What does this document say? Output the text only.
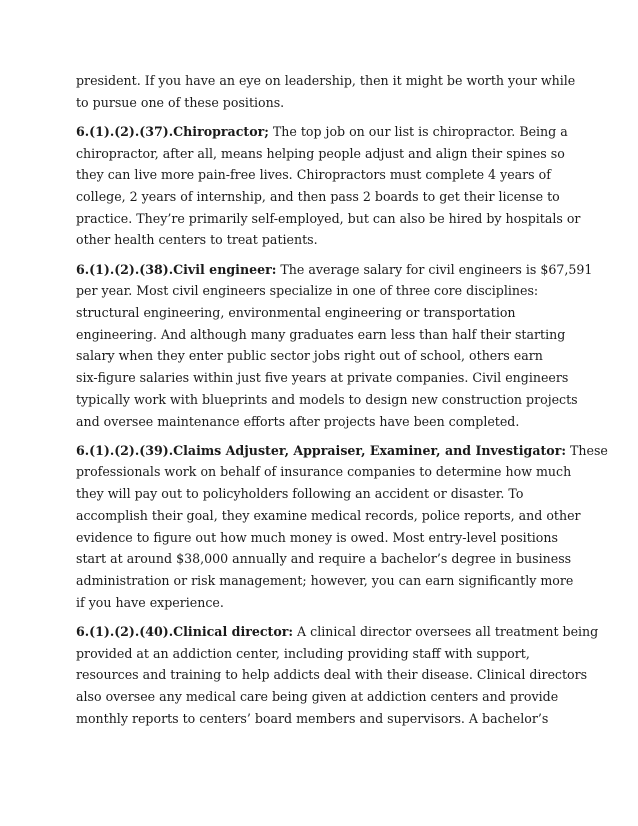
president. If you have an eye on leadership, then it might be worth your while
to pursue one of these positions.

6.(1).(2).(37).Chiropractor; The top job on our list is chiropractor. Being a
chiropractor, after all, means helping people adjust and align their spines so
they can live more pain-free lives. Chiropractors must complete 4 years of
college, 2 years of internship, and then pass 2 boards to get their license to
practice. They’re primarily self-employed, but can also be hired by hospitals or
other health centers to treat patients.

6.(1).(2).(38).Civil engineer: The average salary for civil engineers is $67,591
per year. Most civil engineers specialize in one of three core disciplines:
structural engineering, environmental engineering or transportation
engineering. And although many graduates earn less than half their starting
salary when they enter public sector jobs right out of school, others earn
six-figure salaries within just five years at private companies. Civil engineers
typically work with blueprints and models to design new construction projects
and oversee maintenance efforts after projects have been completed.

6.(1).(2).(39).Claims Adjuster, Appraiser, Examiner, and Investigator: These
professionals work on behalf of insurance companies to determine how much
they will pay out to policyholders following an accident or disaster. To
accomplish their goal, they examine medical records, police reports, and other
evidence to figure out how much money is owed. Most entry-level positions
start at around $38,000 annually and require a bachelor’s degree in business
administration or risk management; however, you can earn significantly more
if you have experience.

6.(1).(2).(40).Clinical director: A clinical director oversees all treatment being
provided at an addiction center, including providing staff with support,
resources and training to help addicts deal with their disease. Clinical directors
also oversee any medical care being given at addiction centers and provide
monthly reports to centers’ board members and supervisors. A bachelor’s
